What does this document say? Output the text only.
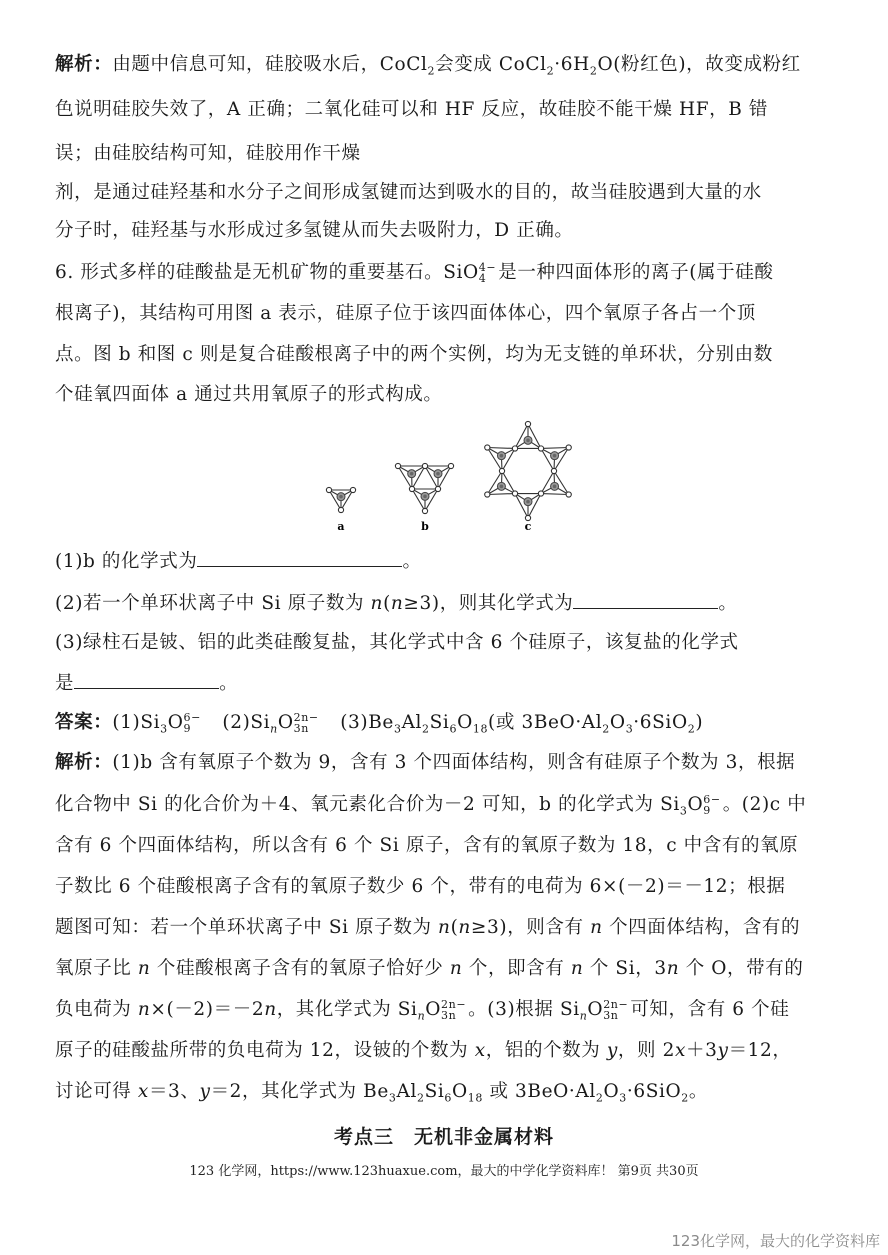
解析：由题中信息可知，硅胶吸水后，CoCl$_2$会变成 $CoCl_2\cdot 6H_2O$(粉红色)，故变成粉红
色说明硅胶失效了，A 正确；二氧化硅可以和 HF 反应，故硅胶不能干燥 HF，B 错
误；由硅胶结构可知，硅胶用作干燥
剂，是通过硅羟基和水分子之间形成氢键而达到吸水的目的，故当硅胶遇到大量的水
分子时，硅羟基与水形成过多氢键从而失去吸附力，D 正确。
6. 形式多样的硅酸盐是无机矿物的重要基石。SiO 4−
4 是一种四面体形的离子(属于硅酸
根离子)，其结构可用图 a 表示，硅原子位于该四面体体心，四个氧原子各占一个顶
点。图 b 和图 c 则是复合硅酸根离子中的两个实例，均为无支链的单环状，分别由数
个硅氧四面体 a 通过共用氧原子的形式构成。
a	b	c
(1)b 的化学式为	。
(2)若一个单环状离子中 Si 原子数为 n(n≥3)，则其化学式为	。
(3)绿柱石是铍、铝的此类硅酸复盐，其化学式中含 6 个硅原子，该复盐的化学式
是	。
答案：$(1)Si_3O$ 6−
9	$(2)Si_nO$ 2n−
3n	$(3)Be_3Al_2Si_6O_{18}$(或 $3BeO\cdot Al_2O_3\cdot 6SiO_2$)
解析：(1)b 含有氧原子个数为 9，含有 3 个四面体结构，则含有硅原子个数为 3，根据
化合物中 Si 的化合价为＋4、氧元素化合价为－2 可知，b 的化学式为 $Si_3O$ 6−
9 。(2)c 中
含有 6 个四面体结构，所以含有 6 个 Si 原子，含有的氧原子数为 18，c 中含有的氧原
子数比 6 个硅酸根离子含有的氧原子数少 6 个，带有的电荷为 6×(－2)＝－12；根据
题图可知：若一个单环状离子中 Si 原子数为 n(n≥3)，则含有 n 个四面体结构，含有的
氧原子比 n 个硅酸根离子含有的氧原子恰好少 n 个，即含有 n 个 Si，3n 个 O，带有的
负电荷为 n×(－2)＝－2n，其化学式为 $Si_nO$ 2n−
3n 。(3)根据 $Si_nO$ 2n−
3n 可知，含有 6 个硅
原子的硅酸盐所带的负电荷为 12，设铍的个数为 x，铝的个数为 y，则 2x＋3y＝12，
讨论可得 x＝3、y＝2，其化学式为 $Be_3Al_2Si_6O_{18}$ 或 $3BeO\cdot Al_2O_3\cdot 6SiO_2$。
考点三　无机非金属材料
123 化学网，https://www.123huaxue.com，最大的中学化学资料库！ 第9页 共30页
123化学网，最大的化学资料库
